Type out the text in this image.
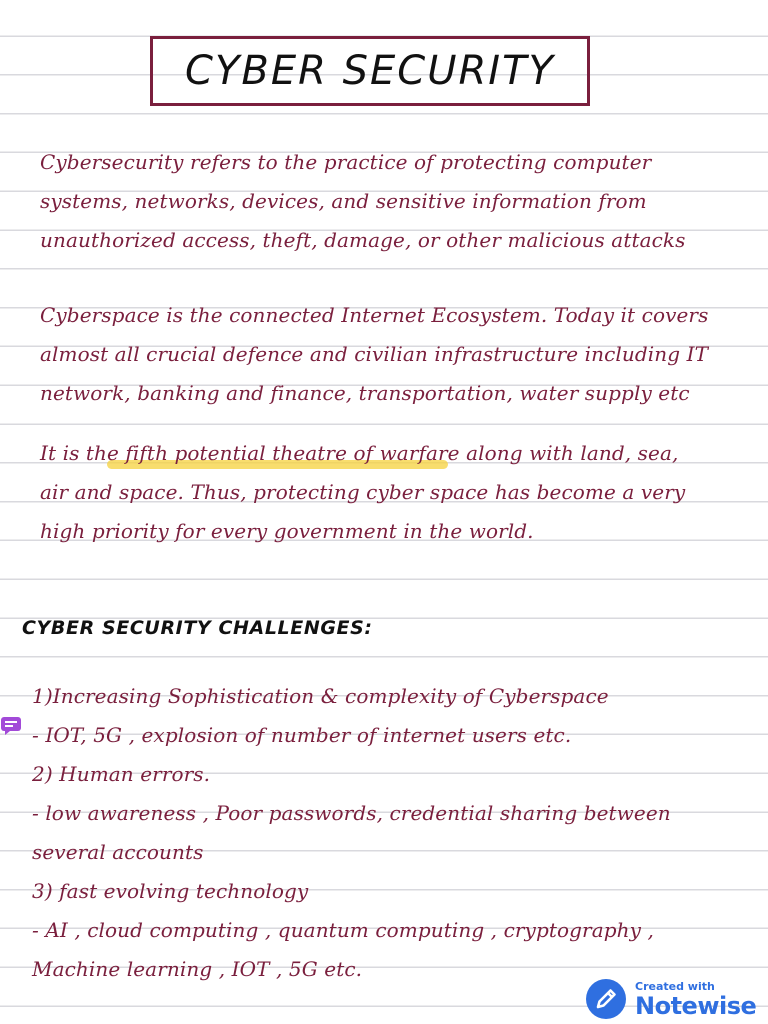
CYBER SECURITY
Cybersecurity refers to the practice of protecting computer
systems, networks, devices, and sensitive information from
unauthorized access, theft, damage, or other malicious attacks
Cyberspace is the connected Internet Ecosystem. Today it covers
almost all crucial defence and civilian infrastructure including IT
network, banking and finance, transportation, water supply etc
It is the fifth potential theatre of warfare along with land, sea,
air and space. Thus, protecting cyber space has become a very
high priority for every government in the world.
CYBER SECURITY CHALLENGES:
1)Increasing Sophistication & complexity of Cyberspace
- IOT, 5G , explosion of number of internet users etc.
2) Human errors.
- low awareness , Poor passwords, credential sharing between
several accounts
3) fast evolving technology
- AI , cloud computing , quantum computing , cryptography ,
Machine learning , IOT , 5G etc.
Created with
Notewise
